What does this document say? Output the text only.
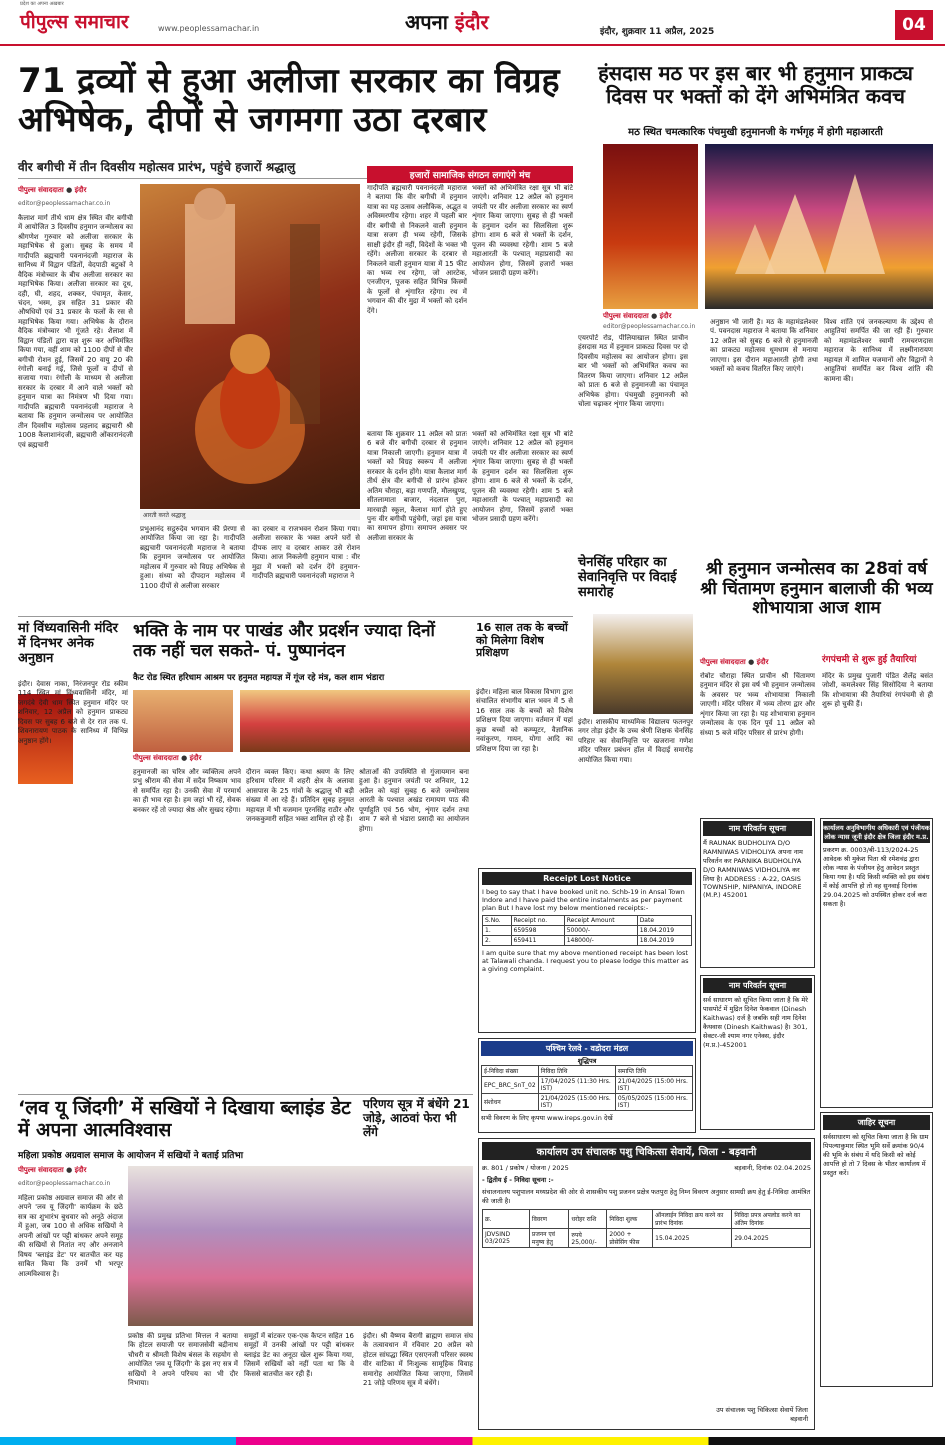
प्रदेश का अपना अख़बार
पीपुल्स समाचार	www.peoplessamachar.in	अपना इंदौर	इंदौर, शुक्रवार 11 अप्रैल, 2025	04
71 द्रव्यों से हुआ अलीजा सरकार का विग्रह अभिषेक, दीपों से जगमगा उठा दरबार
वीर बगीची में तीन दिवसीय महोत्सव प्रारंभ, पहुंचे हजारों श्रद्धालु
पीपुल्स संवाददाता ● इंदौर
editor@peoplessamachar.co.in
कैलाश मार्ग तीर्थ धाम क्षेत्र स्थित वीर बगीची में आयोजित 3 दिवसीय हनुमान जन्मोत्सव का श्रीगणेश गुरुवार को अलीजा सरकार के महाभिषेक से हुआ। सुबह के समय में गादीपति ब्रह्मचारी पवनानंदजी महाराज के सानिध्य में विद्वान पंडितों, वेदपाठी बटुकों ने वैदिक मंत्रोच्चार के बीच अलीजा सरकार का महाभिषेक किया। अलीजा सरकार का दूध, दही, घी, शहद, शक्कर, पंचामृत, केसर, चंदन, भस्म, इत्र सहित 31 प्रकार की औषधियों एवं 31 प्रकार के फलों के रस से महाभिषेक किया गया। अभिषेक के दौरान वैदिक मंत्रोच्चार भी गूंजते रहे। शैलाश में विद्वान पंडितों द्वारा यज्ञ शुरू कर अभिमंत्रित किया गया, वहीं शाम को 1100 दीपों से वीर बगीची रोशन हुई, जिसमें 20 वायु 20 की रंगोली बनाई गई, जिसे फूलों व दीपों से सजाया गया। रंगोली के माध्यम से अलीजा सरकार के दरबार में आने वाले भक्तों को हनुमान यात्रा का निमंत्रण भी दिया गया। गादीपति ब्रह्मचारी पवनानंदजी महाराज ने बताया कि हनुमान जन्मोत्सव पर आयोजित तीन दिवसीय महोत्सव प्रहलाद ब्रह्मचारी श्री 1008 कैलाशानंदजी, ब्रह्मचारी ओंकारानंदजी एवं ब्रह्मचारी
आरती करते श्रद्धालु
प्रभुआनंद सद्गुरुदेव भगवान की प्रेरणा से आयोजित किया जा रहा है। गादीपति ब्रह्मचारी पवनानंदजी महाराज ने बताया कि हनुमान जन्मोत्सव पर आयोजित महोत्सव में गुरुवार को विग्रह अभिषेक से हुआ। संध्या को दीपदान महोत्सव में 1100 दीपों से अलीजा सरकार
का दरबार व राजभवन रोशन किया गया। अलीजा सरकार के भक्त अपने घरों से दीपक लाए व दरबार आकर उसे रोशन किया। आज निकलेगी हनुमान यात्रा : वीर मुद्रा में भक्तों को दर्शन देंगे हनुमान- गादीपति ब्रह्मचारी पवनानंदजी महाराज ने
हजारों सामाजिक संगठन लगाएंगे मंच
गादीपति ब्रह्मचारी पवनानंदजी महाराज ने बताया कि वीर बगीची में हनुमान यात्रा का यह उत्सव अलौकिक, अद्भुत व अविस्मरणीय रहेगा। शहर में पहली बार वीर बगीची से निकलने वाली हनुमान यात्रा सजग ही भव्य रहेगी, जिसके साक्षी इंदौर ही नहीं, विदेशों के भक्त भी रहेंगे। अलीजा सरकार के दरबार से निकलने वाली हनुमान यात्रा में 15 फीट का भव्य रथ रहेगा, जो आरटेक, एनजीएन, पूजक सहित विभिन्न किस्मों के फूलों से शृंगारित रहेगा। रथ में भगवान की वीर मुद्रा में भक्तों को दर्शन देंगे।
भक्तों को अभिमंत्रित रक्षा सूत्र भी बांटे जाएंगे। शनिवार 12 अप्रैल को हनुमान जयंती पर वीर अलीजा सरकार का स्वर्ण शृंगार किया जाएगा। सुबह से ही भक्तों के हनुमान दर्शन का सिलसिला शुरू होगा। शाम 6 बजे से भक्तों के दर्शन, पूजन की व्यवस्था रहेगी। शाम 5 बजे महाआरती के पश्चात् महाप्रसादी का आयोजन होगा, जिसमें हजारों भक्त भोजन प्रसादी ग्रहण करेंगे।
बताया कि शुक्रवार 11 अप्रैल को प्रातः 6 बजे वीर बगीची दरबार से हनुमान यात्रा निकाली जाएगी। हनुमान यात्रा में भक्तों को विग्रह स्वरूप में अलीजा सरकार के दर्शन होंगे। यात्रा कैलाश मार्ग तीर्थ क्षेत्र वीर बगीची से प्रारंभ होकर अतिम चौराहा, बड़ा गणपति, मौलखुण्ड, सीतलामाता बाजार, नंदलाल पुरा, मारवाड़ी स्कूल, कैलाश मार्ग होते हुए पुनः वीर बगीची पहुंचेगी, जहां इस यात्रा का समापन होगा। समापन अवसर पर अलीजा सरकार के
भक्तों को अभिमंत्रित रक्षा सूत्र भी बांटे जाएंगे। शनिवार 12 अप्रैल को हनुमान जयंती पर वीर अलीजा सरकार का स्वर्ण शृंगार किया जाएगा। सुबह से ही भक्तों के हनुमान दर्शन का सिलसिला शुरू होगा। शाम 6 बजे से भक्तों के दर्शन, पूजन की व्यवस्था रहेगी। शाम 5 बजे महाआरती के पश्चात् महाप्रसादी का आयोजन होगा, जिसमें हजारों भक्त भोजन प्रसादी ग्रहण करेंगे।
हंसदास मठ पर इस बार भी हनुमान प्राकट्य दिवस पर भक्तों को देंगे अभिमंत्रित कवच
मठ स्थित चमत्कारिक पंचमुखी हनुमानजी के गर्भगृह में होगी महाआरती
पीपुल्स संवाददाता ● इंदौर
editor@peoplessamachar.co.in
एयरपोर्ट रोड, पीलियाखाल स्थित प्राचीन हंसदास मठ में हनुमान प्राकट्य दिवस पर दो दिवसीय महोत्सव का आयोजन होगा। इस बार भी भक्तों को अभिमंत्रित कवच का वितरण किया जाएगा। शनिवार 12 अप्रैल को प्रातः 6 बजे से हनुमानजी का पंचामृत अभिषेक होगा। पंचमुखी हनुमानजी को चोला चढ़ाकर शृंगार किया जाएगा।
अनुष्ठान भी जारी है। मठ के महामंडलेश्वर पं. पवनदास महाराज ने बताया कि शनिवार 12 अप्रैल को सुबह 6 बजे से हनुमानजी का प्राकट्य महोत्सव धूमधाम से मनाया जाएगा। इस दौरान महाआरती होगी तथा भक्तों को कवच वितरित किए जाएंगे।
विश्व शांति एवं जनकल्याण के उद्देश्य से आहुतियां समर्पित की जा रही हैं। गुरुवार को महामंडलेश्वर स्वामी रामचरणदास महाराज के सानिध्य में लक्ष्मीनारायण महायज्ञ में शामिल यजमानों और विद्वानों ने आहुतियां समर्पित कर विश्व शांति की कामना की।
चेनसिंह परिहार का सेवानिवृत्ति पर विदाई समारोह
इंदौर। शासकीय माध्यमिक विद्यालय फतनपुर नगर तोड़ा इंदौर के उच्च श्रेणी शिक्षक चेनसिंह परिहार का सेवानिवृत्ति पर खजराना गणेश मंदिर परिसर प्रबंधन हॉल में विदाई समारोह आयोजित किया गया।
श्री हनुमान जन्मोत्सव का 28वां वर्ष श्री चिंतामण हनुमान बालाजी की भव्य शोभायात्रा आज शाम
पीपुल्स संवाददाता ● इंदौर
रोबोट चौराहा स्थित प्राचीन श्री चिंतामण हनुमान मंदिर से इस वर्ष भी हनुमान जन्मोत्सव के अवसर पर भव्य शोभायात्रा निकाली जाएगी। मंदिर परिसर में भव्य तोरण द्वार और शृंगार किया जा रहा है। यह शोभायात्रा हनुमान जन्मोत्सव के एक दिन पूर्व 11 अप्रैल को संध्या 5 बजे मंदिर परिसर से प्रारंभ होगी।
रंगपंचमी से शुरू हुई तैयारियां
मंदिर के प्रमुख पुजारी पंडित शैलेंद्र बसंत जोशी, कमलेश्वर सिंह सिसोदिया ने बताया कि शोभायात्रा की तैयारियां रंगपंचमी से ही शुरू हो चुकी हैं।
मां विंध्यवासिनी मंदिर में दिनभर अनेक अनुष्ठान
इंदौर। देवास नाका, निरंजनपुर रोड स्कीम 114 स्थित मां विंध्यवासिनी मंदिर, मां जगदंबे देवी धाम स्थित हनुमान मंदिर पर शनिवार, 12 अप्रैल को हनुमान प्राकट्य दिवस पर सुबह 6 बजे से देर रात तक पं. शिवनारायण पाठक के सानिध्य में विभिन्न अनुष्ठान होंगे।
भक्ति के नाम पर पाखंड और प्रदर्शन ज्यादा दिनों तक नहीं चल सकते- पं. पुष्पानंदन
कैट रोड स्थित हरिधाम आश्रम पर हनुमत महायज्ञ में गूंज रहे मंत्र, कल शाम भंडारा
पीपुल्स संवाददाता ● इंदौर
हनुमानजी का चरित्र और व्यक्तित्व अपने प्रभु श्रीराम की सेवा में सदैव निष्काम भाव से समर्पित रहा है। उनकी सेवा में परमार्थ का ही भाव रहा है। हम जहां भी रहें, सेवक बनकर रहें तो ज्यादा श्रेष्ठ और सुखद रहेगा।
दौरान व्यक्त किए। कथा श्रवण के लिए हरिधाम परिसर में शहरी क्षेत्र के अलावा आसपास के 25 गांवों के श्रद्धालु भी बड़ी संख्या में आ रहे हैं। प्रतिदिन सुबह हनुमत महायज्ञ में भी यजमान पूरनसिंह राठौर और जनककुमारी सहित भक्त शामिल हो रहे हैं।
श्रोताओं की उपस्थिति से गुंजायमान बना हुआ है। हनुमान जयंती पर शनिवार, 12 अप्रैल को यहां सुबह 6 बजे जन्मोत्सव आरती के पश्चात अखंड रामायण पाठ की पूर्णाहुति एवं 56 भोग, शृंगार दर्शन तथा शाम 7 बजे से भंडारा प्रसादी का आयोजन होगा।
16 साल तक के बच्चों को मिलेगा विशेष प्रशिक्षण
इंदौर। महिला बाल विकास विभाग द्वारा संचालित संभागीय बाल भवन में 5 से 16 साल तक के बच्चों को विशेष प्रशिक्षण दिया जाएगा। वर्तमान में यहां कुछ बच्चों को कम्प्यूटर, वैज्ञानिक नवांकुरण, गायन, योगा आदि का प्रशिक्षण दिया जा रहा है।
Receipt Lost Notice
I beg to say that I have booked unit no. Schb-19 in Ansal Town Indore and I have paid the entire instalments as per payment plan But I have lost my below mentioned receipts:-
S.No.	Receipt no.	Receipt Amount	Date
1.	659598	50000/-	18.04.2019
2.	659411	148000/-	18.04.2019
I am quite sure that my above mentioned receipt has been lost at Talawali chanda. I request you to please lodge this matter as a giving complaint.
पश्चिम रेलवे - वडोदरा मंडल
शुद्धिपत्र
ई-निविदा संख्या	निविदा तिथि	समाप्ति तिथि
EPC_BRC_SnT_02	17/04/2025 (11:30 Hrs. IST)	21/04/2025 (15:00 Hrs. IST)
संशोधन	21/04/2025 (15:00 Hrs. IST)	05/05/2025 (15:00 Hrs. IST)
सभी विवरण के लिए कृपया www.ireps.gov.in देखें
नाम परिवर्तन सूचना
मैं RAUNAK BUDHOLIYA D/O RAMNIWAS VIDHOLIYA अपना नाम परिवर्तन कर PARNIKA BUDHOLIYA D/O RAMNIWAS VIDHOLIYA कर लिया है। ADDRESS : A-22, OASIS TOWNSHIP, NIPANIYA, INDORE (M.P.) 452001
नाम परिवर्तन सूचना
सर्व साधारण को सूचित किया जाता है कि मेरे पासपोर्ट में मुद्रित दिनेश फेकवाल (Dinesh Kaithwas) दर्ज है जबकि सही नाम दिनेश कैथवास (Dinesh Kaithwas) है। 301, सेक्टर-जी श्याम नगर एनेक्स, इंदौर (म.प्र.)-452001
कार्यालय अनुविभागीय अधिकारी एवं पंजीयक लोक न्यास जूनी इंदौर क्षेत्र जिला इंदौर म.प्र.
प्रकरण क्र. 0003/बी-113/2024-25 आवेदक श्री मुकेश पिता श्री रमेशचंद्र द्वारा लोक न्यास के पंजीयन हेतु आवेदन प्रस्तुत किया गया है। यदि किसी व्यक्ति को इस संबंध में कोई आपत्ति हो तो वह सुनवाई दिनांक 29.04.2025 को उपस्थित होकर दर्ज करा सकता है।
जाहिर सूचना
सर्वसाधारण को सूचित किया जाता है कि ग्राम पिपल्याकुमार स्थित भूमि सर्वे क्रमांक 90/4 की भूमि के संबंध में यदि किसी को कोई आपत्ति हो तो 7 दिवस के भीतर कार्यालय में प्रस्तुत करें।
‘लव यू जिंदगी’ में सखियों ने दिखाया ब्लाइंड डेट में अपना आत्मविश्वास
महिला प्रकोष्ठ अग्रवाल समाज के आयोजन में सखियों ने बताई प्रतिभा
पीपुल्स संवाददाता ● इंदौर
editor@peoplessamachar.co.in
महिला प्रकोष्ठ अग्रवाल समाज की ओर से अपने 'लव यू जिंदगी' कार्यक्रम के छठे सत्र का शुभारंभ बुधवार को अनूठे अंदाज में हुआ, जब 100 से अधिक सखियों ने अपनी आंखों पर पट्टी बांधकर अपने समूह की सखियों से नितांत नए और अनजाने विषय 'ब्लाइंड डेट' पर बातचीत कर यह साबित किया कि उनमें भी भरपूर आत्मविश्वास है।
प्रकोष्ठ की प्रमुख प्रतिभा मित्तल ने बताया कि होटल सयाजी पर समाजसेवी बद्रीनाथ चौधरी व श्रीमती विशेष बंसल के सहयोग से आयोजित 'लव यू जिंदगी' के इस नए सत्र में सखियों ने अपने परिचय का भी दौर निभाया।
समूहों में बांटकर एक-एक कैप्टन सहित 16 समूहों में उनकी आंखों पर पट्टी बांधकर ब्लाइंड डेट का अनूठा खेल शुरू किया गया, जिसमें सखियों को नहीं पता था कि वे किससे बातचीत कर रही हैं।
परिणय सूत्र में बंधेंगे 21 जोड़े, आठवां फेरा भी लेंगे
इंदौर। श्री वैष्णव बैरागी ब्राह्मण समाज संघ के तत्वावधान में रविवार 20 अप्रैल को होटल सांघद्धा स्थित एसएनजी परिसर स्वस्थ वीर वाटिका में निःशुल्क सामूहिक विवाह समारोह आयोजित किया जाएगा, जिसमें 21 जोड़े परिणय सूत्र में बंधेंगे।
कार्यालय उप संचालक पशु चिकित्सा सेवायें, जिला - बड़वानी
क्र. 801 / प्रकोष / योजना / 2025	बड़वानी, दिनांक 02.04.2025
- द्वितीय ई - निविदा सूचना :-
संचालनालय पशुपालन मध्यप्रदेश की ओर से शासकीय पशु प्रजनन प्रक्षेत्र फतपुरा हेतु निम्न विवरण अनुसार सामग्री क्रय हेतु ई-निविदा आमंत्रित की जाती है।
क्र.	विवरण	धरोहर राशि	निविदा शुल्क	ऑनलाईन निविदा क्रय करने का प्रारंभ दिनांक	निविदा प्रपत्र अपलोड करने का अंतिम दिनांक
JDVSIND 03/2025	प्रजनन एवं मनुष्य हेतु	रुपये 25,000/-	2000 + प्रोसेसिंग फीस	15.04.2025	29.04.2025
उप संचालक पशु चिकित्सा सेवायें जिला बड़वानी
